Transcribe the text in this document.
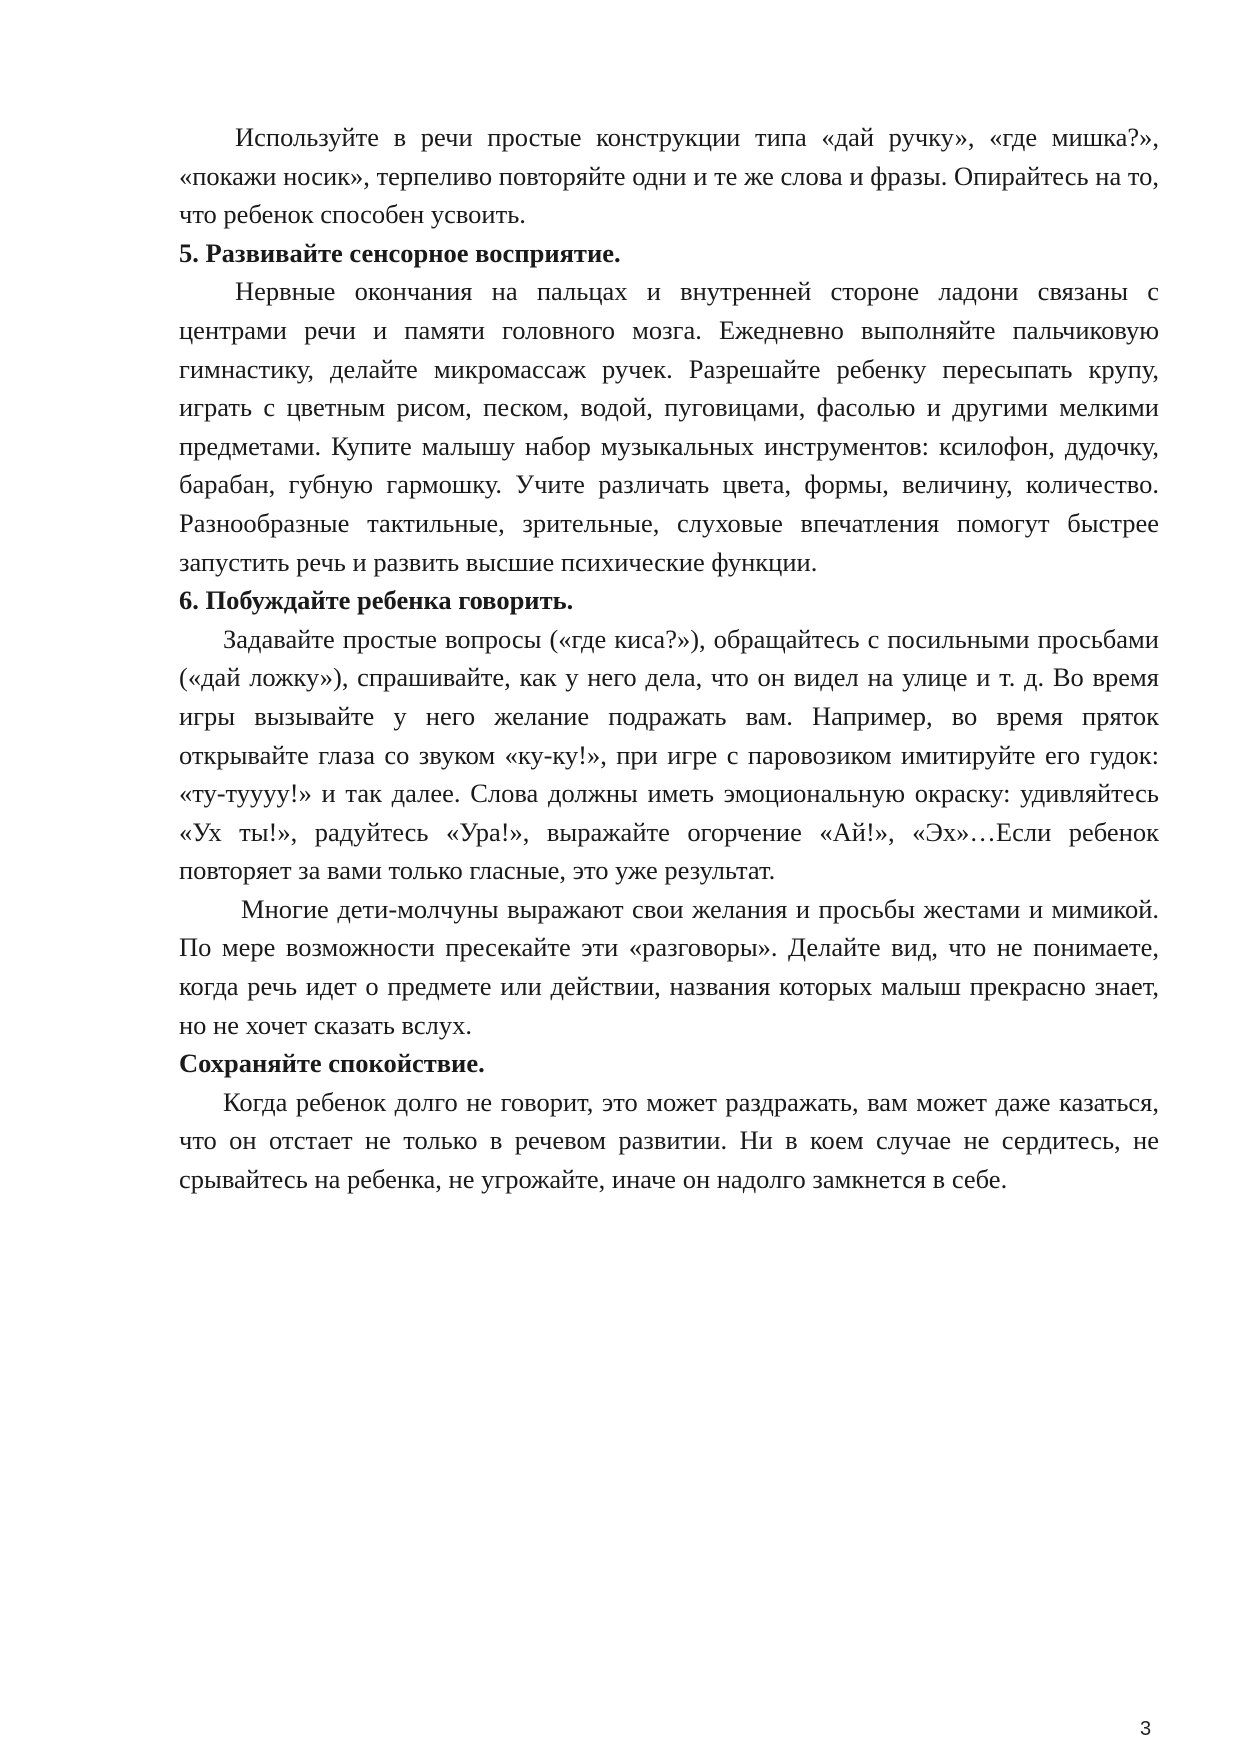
Используйте в речи простые конструкции типа «дай ручку», «где мишка?», «покажи носик», терпеливо повторяйте одни и те же слова и фразы. Опирайтесь на то, что ребенок способен усвоить.

5. Развивайте сенсорное восприятие.

Нервные окончания на пальцах и внутренней стороне ладони связаны с центрами речи и памяти головного мозга. Ежедневно выполняйте пальчиковую гимнастику, делайте микромассаж ручек. Разрешайте ребенку пересыпать крупу, играть с цветным рисом, песком, водой, пуговицами, фасолью и другими мелкими предметами. Купите малышу набор музыкальных инструментов: ксилофон, дудочку, барабан, губную гармошку. Учите различать цвета, формы, величину, количество. Разнообразные тактильные, зрительные, слуховые впечатления помогут быстрее запустить речь и развить высшие психические функции.

6. Побуждайте ребенка говорить.

Задавайте простые вопросы («где киса?»), обращайтесь с посильными просьбами («дай ложку»), спрашивайте, как у него дела, что он видел на улице и т. д. Во время игры вызывайте у него желание подражать вам. Например, во время пряток открывайте глаза со звуком «ку-ку!», при игре с паровозиком имитируйте его гудок: «ту-туууу!» и так далее. Слова должны иметь эмоциональную окраску: удивляйтесь «Ух ты!», радуйтесь «Ура!», выражайте огорчение «Ай!», «Эх»…Если ребенок повторяет за вами только гласные, это уже результат.

Многие дети-молчуны выражают свои желания и просьбы жестами и мимикой. По мере возможности пресекайте эти «разговоры». Делайте вид, что не понимаете, когда речь идет о предмете или действии, названия которых малыш прекрасно знает, но не хочет сказать вслух.

Сохраняйте спокойствие.

Когда ребенок долго не говорит, это может раздражать, вам может даже казаться, что он отстает не только в речевом развитии. Ни в коем случае не сердитесь, не срывайтесь на ребенка, не угрожайте, иначе он надолго замкнется в себе.

3
